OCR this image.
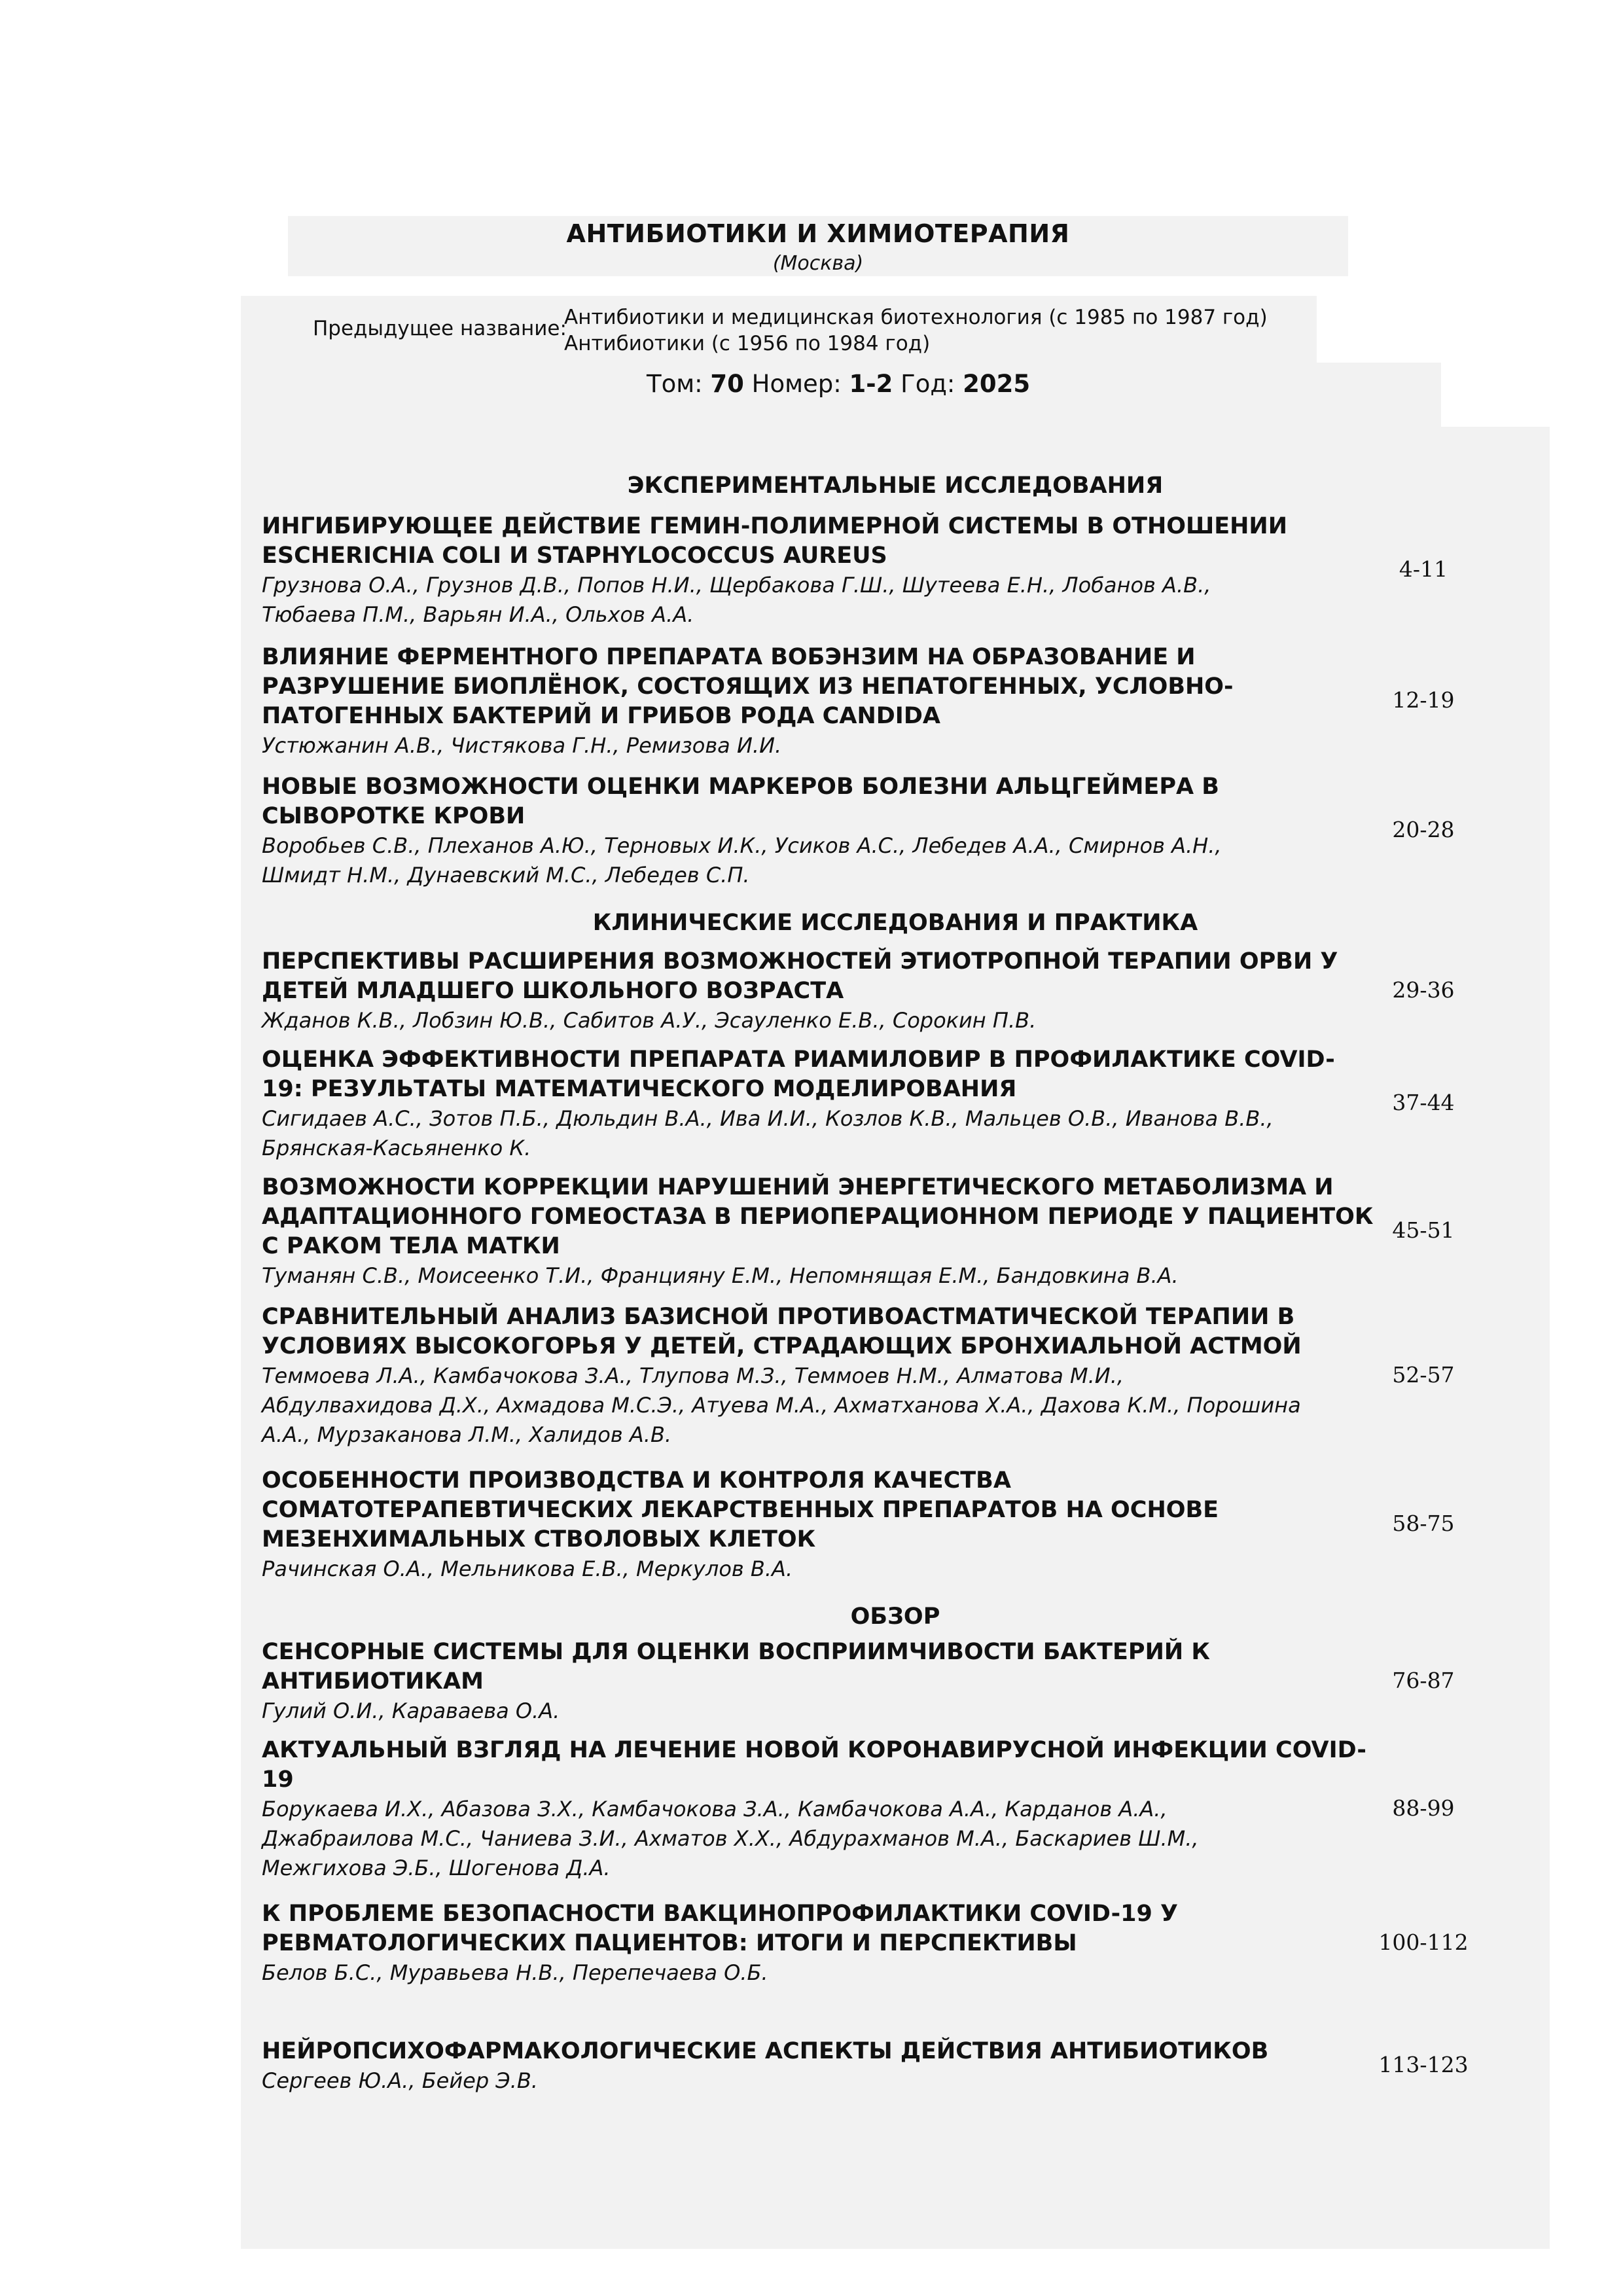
АНТИБИОТИКИ И ХИМИОТЕРАПИЯ
(Москва)
Предыдущее название:
Антибиотики и медицинская биотехнология (с 1985 по 1987 год)
Антибиотики (с 1956 по 1984 год)
Том: 70 Номер: 1-2 Год: 2025
ЭКСПЕРИМЕНТАЛЬНЫЕ ИССЛЕДОВАНИЯ
ИНГИБИРУЮЩЕЕ ДЕЙСТВИЕ ГЕМИН-ПОЛИМЕРНОЙ СИСТЕМЫ В ОТНОШЕНИИ
ESCHERICHIA COLI И STAPHYLOCOCCUS AUREUS
Грузнова О.А., Грузнов Д.В., Попов Н.И., Щербакова Г.Ш., Шутеева Е.Н., Лобанов А.В.,
Тюбаева П.М., Варьян И.А., Ольхов А.А.
4-11
ВЛИЯНИЕ ФЕРМЕНТНОГО ПРЕПАРАТА ВОБЭНЗИМ НА ОБРАЗОВАНИЕ И
РАЗРУШЕНИЕ БИОПЛЁНОК, СОСТОЯЩИХ ИЗ НЕПАТОГЕННЫХ, УСЛОВНО-
ПАТОГЕННЫХ БАКТЕРИЙ И ГРИБОВ РОДА CANDIDA
Устюжанин А.В., Чистякова Г.Н., Ремизова И.И.
12-19
НОВЫЕ ВОЗМОЖНОСТИ ОЦЕНКИ МАРКЕРОВ БОЛЕЗНИ АЛЬЦГЕЙМЕРА В
СЫВОРОТКЕ КРОВИ
Воробьев С.В., Плеханов А.Ю., Терновых И.К., Усиков А.С., Лебедев А.А., Смирнов А.Н.,
Шмидт Н.М., Дунаевский М.С., Лебедев С.П.
20-28
КЛИНИЧЕСКИЕ ИССЛЕДОВАНИЯ И ПРАКТИКА
ПЕРСПЕКТИВЫ РАСШИРЕНИЯ ВОЗМОЖНОСТЕЙ ЭТИОТРОПНОЙ ТЕРАПИИ ОРВИ У
ДЕТЕЙ МЛАДШЕГО ШКОЛЬНОГО ВОЗРАСТА
Жданов К.В., Лобзин Ю.В., Сабитов А.У., Эсауленко Е.В., Сорокин П.В.
29-36
ОЦЕНКА ЭФФЕКТИВНОСТИ ПРЕПАРАТА РИАМИЛОВИР В ПРОФИЛАКТИКЕ COVID-
19: РЕЗУЛЬТАТЫ МАТЕМАТИЧЕСКОГО МОДЕЛИРОВАНИЯ
Сигидаев А.С., Зотов П.Б., Дюльдин В.А., Ива И.И., Козлов К.В., Мальцев О.В., Иванова В.В.,
Брянская-Касьяненко К.
37-44
ВОЗМОЖНОСТИ КОРРЕКЦИИ НАРУШЕНИЙ ЭНЕРГЕТИЧЕСКОГО МЕТАБОЛИЗМА И
АДАПТАЦИОННОГО ГОМЕОСТАЗА В ПЕРИОПЕРАЦИОННОМ ПЕРИОДЕ У ПАЦИЕНТОК
С РАКОМ ТЕЛА МАТКИ
Туманян С.В., Моисеенко Т.И., Францияну Е.М., Непомнящая Е.М., Бандовкина В.А.
45-51
СРАВНИТЕЛЬНЫЙ АНАЛИЗ БАЗИСНОЙ ПРОТИВОАСТМАТИЧЕСКОЙ ТЕРАПИИ В
УСЛОВИЯХ ВЫСОКОГОРЬЯ У ДЕТЕЙ, СТРАДАЮЩИХ БРОНХИАЛЬНОЙ АСТМОЙ
Теммоева Л.А., Камбачокова З.А., Тлупова М.З., Теммоев Н.М., Алматова М.И.,
Абдулвахидова Д.Х., Ахмадова М.С.Э., Атуева М.А., Ахматханова Х.А., Дахова К.М., Порошина
А.А., Мурзаканова Л.М., Халидов А.В.
52-57
ОСОБЕННОСТИ ПРОИЗВОДСТВА И КОНТРОЛЯ КАЧЕСТВА
СОМАТОТЕРАПЕВТИЧЕСКИХ ЛЕКАРСТВЕННЫХ ПРЕПАРАТОВ НА ОСНОВЕ
МЕЗЕНХИМАЛЬНЫХ СТВОЛОВЫХ КЛЕТОК
Рачинская О.А., Мельникова Е.В., Меркулов В.А.
58-75
ОБЗОР
СЕНСОРНЫЕ СИСТЕМЫ ДЛЯ ОЦЕНКИ ВОСПРИИМЧИВОСТИ БАКТЕРИЙ К
АНТИБИОТИКАМ
Гулий О.И., Караваева О.А.
76-87
АКТУАЛЬНЫЙ ВЗГЛЯД НА ЛЕЧЕНИЕ НОВОЙ КОРОНАВИРУСНОЙ ИНФЕКЦИИ COVID-
19
Борукаева И.Х., Абазова З.Х., Камбачокова З.А., Камбачокова А.А., Карданов А.А.,
Джабраилова М.С., Чаниева З.И., Ахматов Х.Х., Абдурахманов М.А., Баскариев Ш.М.,
Межгихова Э.Б., Шогенова Д.А.
88-99
К ПРОБЛЕМЕ БЕЗОПАСНОСТИ ВАКЦИНОПРОФИЛАКТИКИ COVID-19 У
РЕВМАТОЛОГИЧЕСКИХ ПАЦИЕНТОВ: ИТОГИ И ПЕРСПЕКТИВЫ
Белов Б.С., Муравьева Н.В., Перепечаева О.Б.
100-112
НЕЙРОПСИХОФАРМАКОЛОГИЧЕСКИЕ АСПЕКТЫ ДЕЙСТВИЯ АНТИБИОТИКОВ
Сергеев Ю.А., Бейер Э.В.
113-123
